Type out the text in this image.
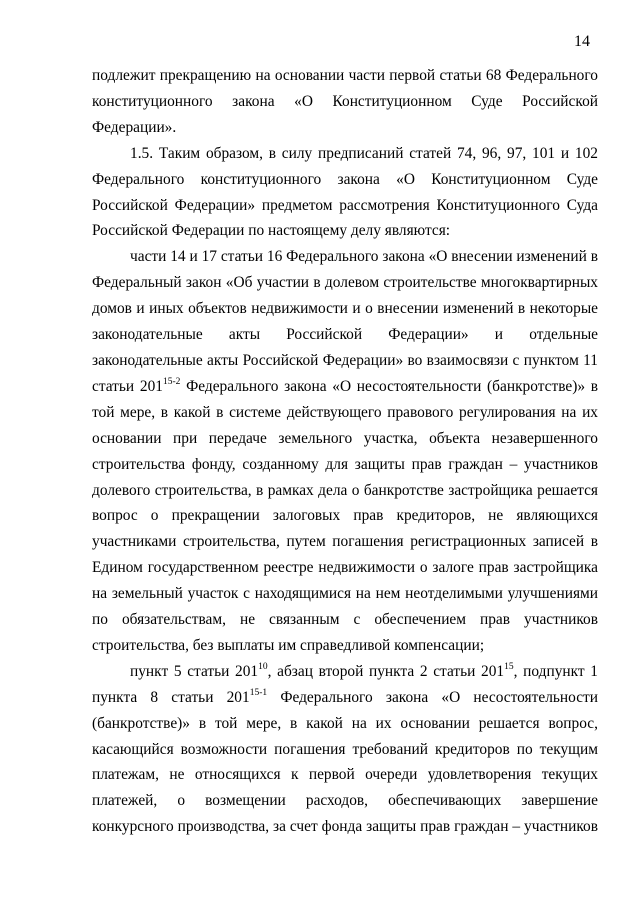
14

подлежит прекращению на основании части первой статьи 68 Федерального конституционного закона «О Конституционном Суде Российской Федерации».

1.5. Таким образом, в силу предписаний статей 74, 96, 97, 101 и 102 Федерального конституционного закона «О Конституционном Суде Российской Федерации» предметом рассмотрения Конституционного Суда Российской Федерации по настоящему делу являются:

части 14 и 17 статьи 16 Федерального закона «О внесении изменений в Федеральный закон «Об участии в долевом строительстве многоквартирных домов и иных объектов недвижимости и о внесении изменений в некоторые законодательные акты Российской Федерации» и отдельные законодательные акты Российской Федерации» во взаимосвязи с пунктом 11 статьи 201$^{15-2}$ Федерального закона «О несостоятельности (банкротстве)» в той мере, в какой в системе действующего правового регулирования на их основании при передаче земельного участка, объекта незавершенного строительства фонду, созданному для защиты прав граждан – участников долевого строительства, в рамках дела о банкротстве застройщика решается вопрос о прекращении залоговых прав кредиторов, не являющихся участниками строительства, путем погашения регистрационных записей в Едином государственном реестре недвижимости о залоге прав застройщика на земельный участок с находящимися на нем неотделимыми улучшениями по обязательствам, не связанным с обеспечением прав участников строительства, без выплаты им справедливой компенсации;

пункт 5 статьи $201^{10}$, абзац второй пункта 2 статьи $201^{15}$, подпункт 1 пункта 8 статьи 201$^{15-1}$ Федерального закона «О несостоятельности (банкротстве)» в той мере, в какой на их основании решается вопрос, касающийся возможности погашения требований кредиторов по текущим платежам, не относящихся к первой очереди удовлетворения текущих платежей, о возмещении расходов, обеспечивающих завершение конкурсного производства, за счет фонда защиты прав граждан – участников
